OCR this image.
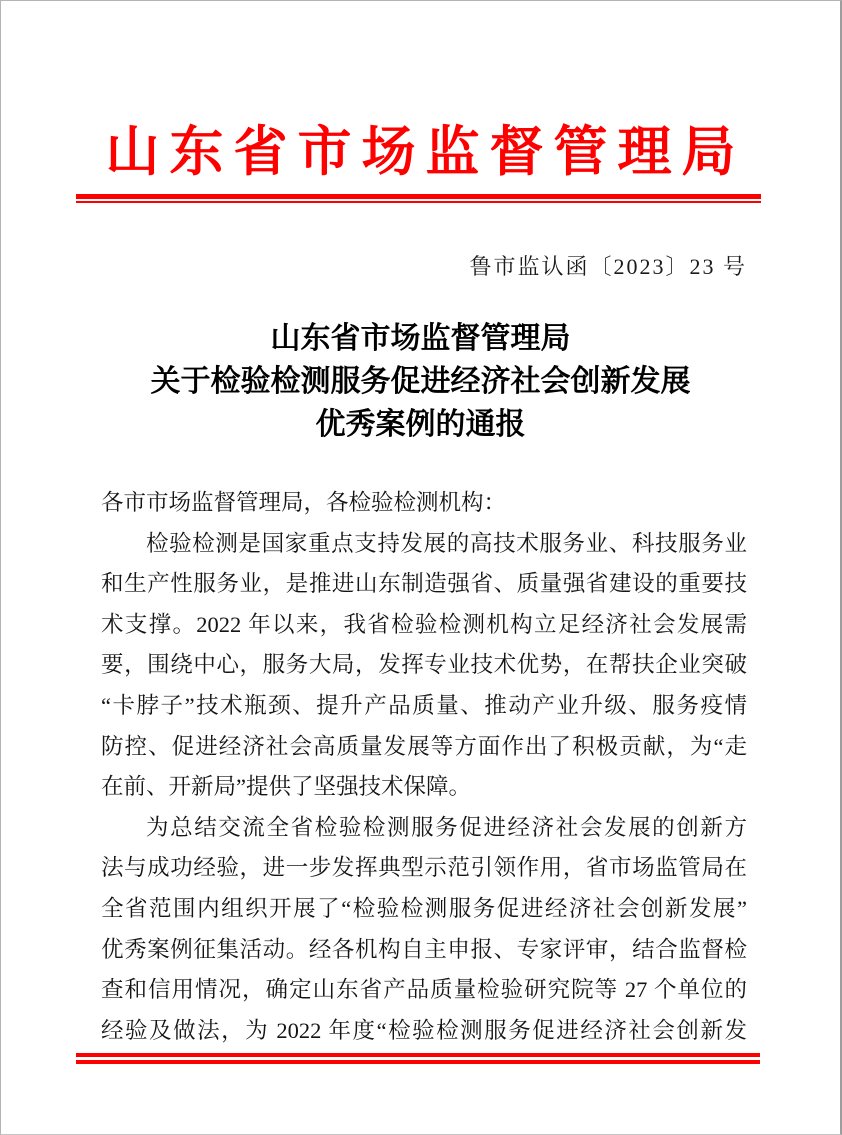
山东省市场监督管理局
鲁市监认函〔2023〕23 号
山东省市场监督管理局
关于检验检测服务促进经济社会创新发展
优秀案例的通报
各市市场监督管理局，各检验检测机构：
检验检测是国家重点支持发展的高技术服务业、科技服务业
和生产性服务业，是推进山东制造强省、质量强省建设的重要技
术支撑。2022 年以来，我省检验检测机构立足经济社会发展需
要，围绕中心，服务大局，发挥专业技术优势，在帮扶企业突破
“卡脖子”技术瓶颈、提升产品质量、推动产业升级、服务疫情
防控、促进经济社会高质量发展等方面作出了积极贡献，为“走
在前、开新局”提供了坚强技术保障。
为总结交流全省检验检测服务促进经济社会发展的创新方
法与成功经验，进一步发挥典型示范引领作用，省市场监管局在
全省范围内组织开展了“检验检测服务促进经济社会创新发展”
优秀案例征集活动。经各机构自主申报、专家评审，结合监督检
查和信用情况，确定山东省产品质量检验研究院等 27 个单位的
经验及做法，为 2022 年度“检验检测服务促进经济社会创新发
